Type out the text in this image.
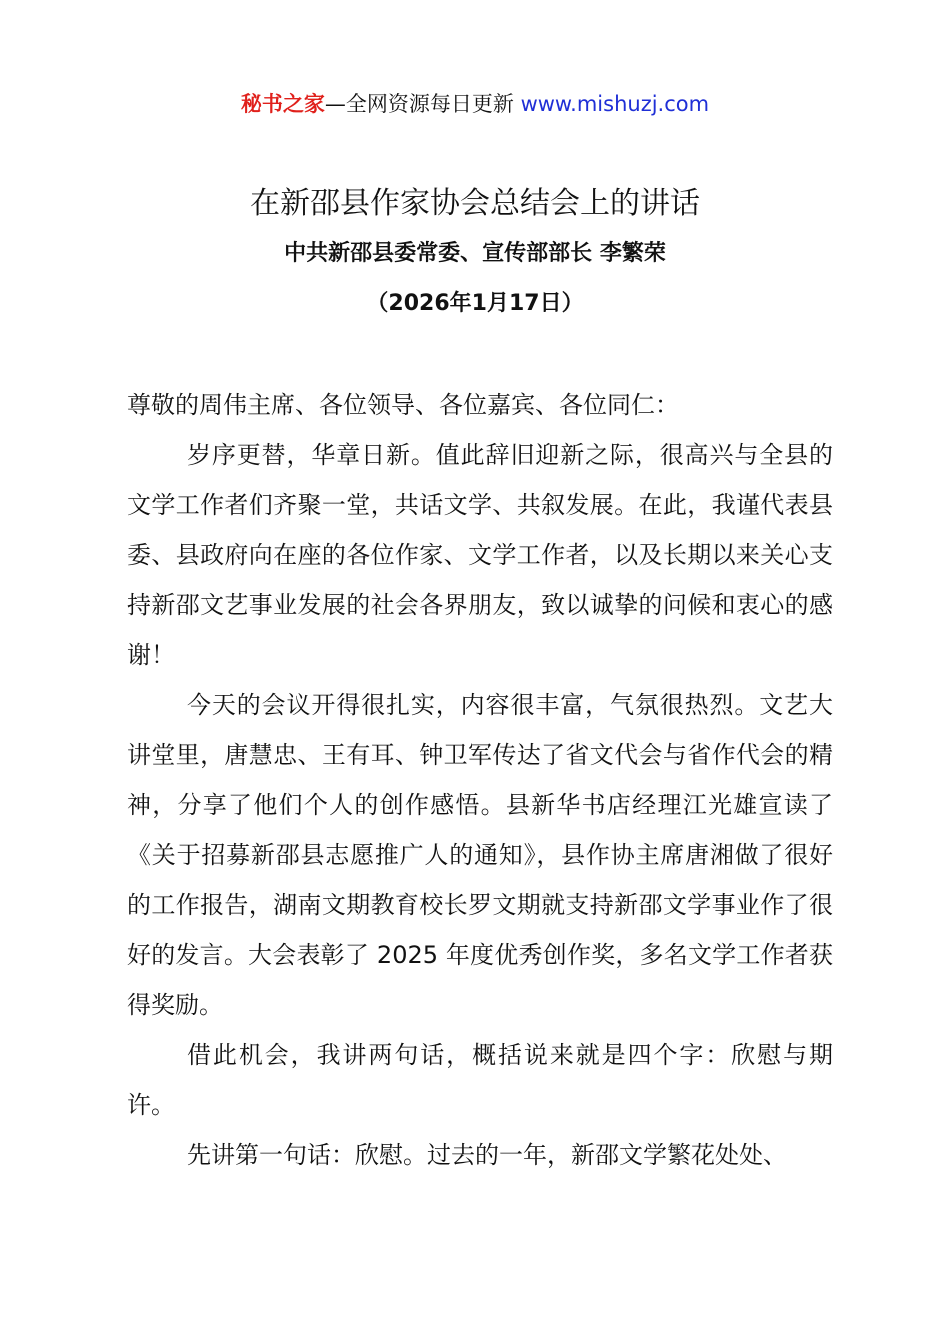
秘书之家—全网资源每日更新 www.mishuzj.com
在新邵县作家协会总结会上的讲话
中共新邵县委常委、宣传部部长 李繁荣
（2026年1月17日）

尊敬的周伟主席、各位领导、各位嘉宾、各位同仁：

岁序更替，华章日新。值此辞旧迎新之际，很高兴与全县的文学工作者们齐聚一堂，共话文学、共叙发展。在此，我谨代表县委、县政府向在座的各位作家、文学工作者，以及长期以来关心支持新邵文艺事业发展的社会各界朋友，致以诚挚的问候和衷心的感谢！

今天的会议开得很扎实，内容很丰富，气氛很热烈。文艺大讲堂里，唐慧忠、王有耳、钟卫军传达了省文代会与省作代会的精神，分享了他们个人的创作感悟。县新华书店经理江光雄宣读了《关于招募新邵县志愿推广人的通知》，县作协主席唐湘做了很好的工作报告，湖南文期教育校长罗文期就支持新邵文学事业作了很好的发言。大会表彰了 2025 年度优秀创作奖，多名文学工作者获得奖励。

借此机会，我讲两句话，概括说来就是四个字：欣慰与期许。

先讲第一句话：欣慰。过去的一年，新邵文学繁花处处、
